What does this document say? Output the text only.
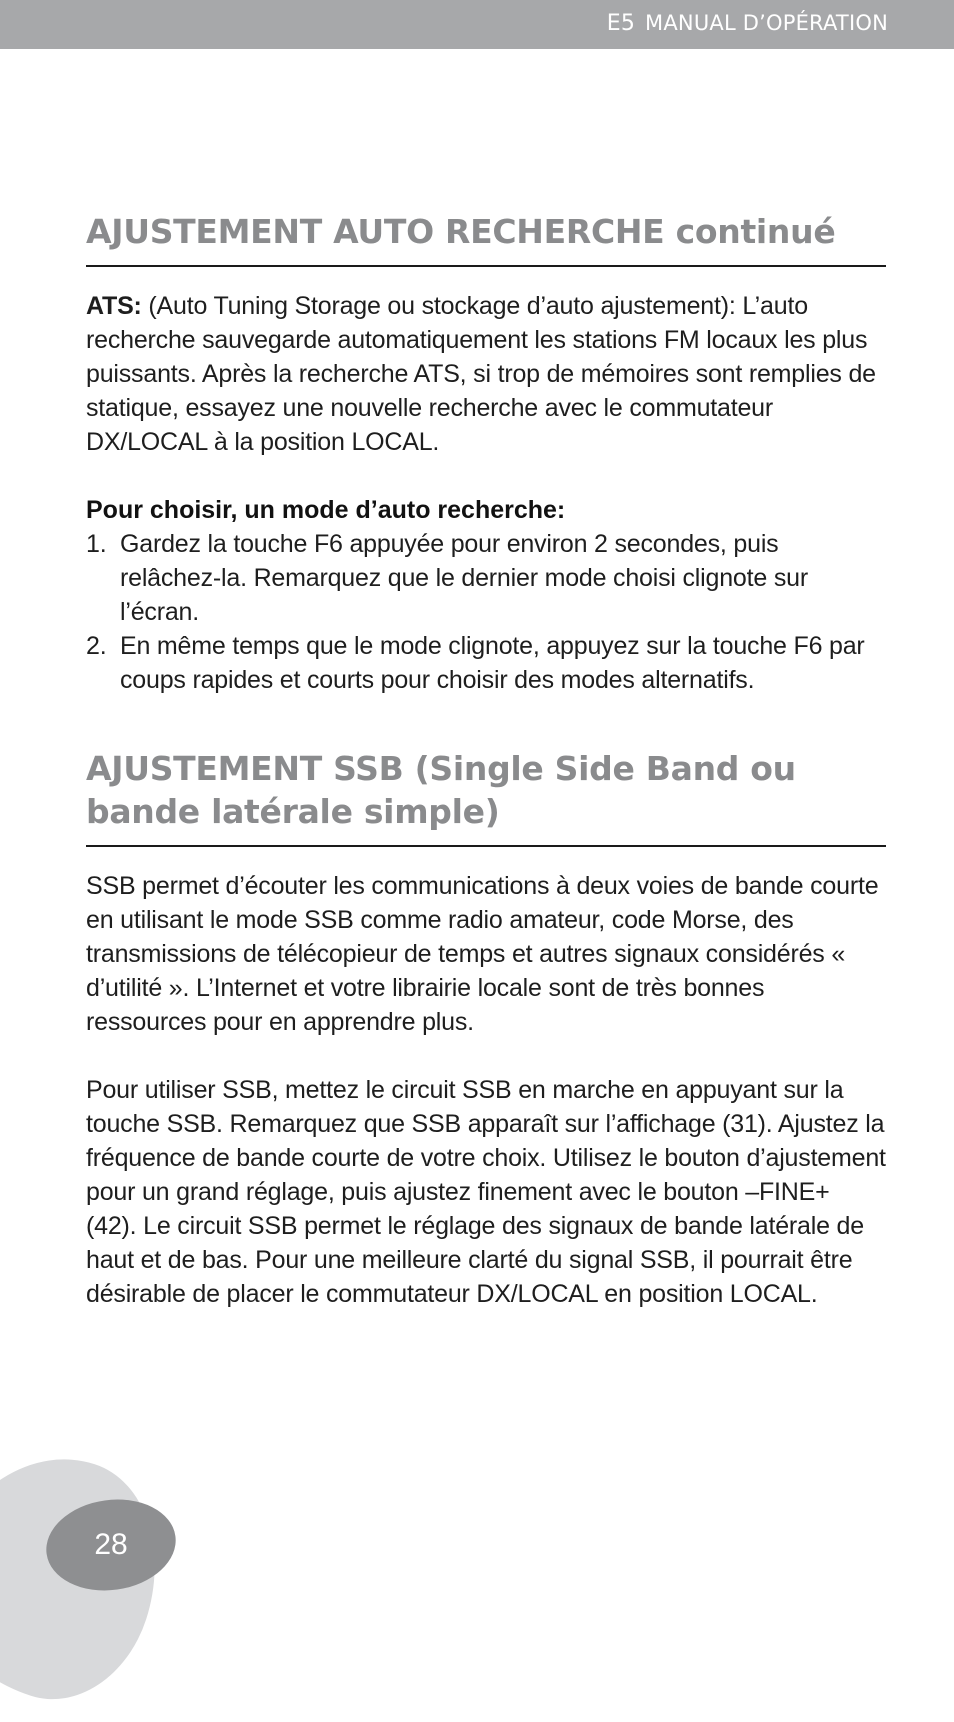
E5 MANUAL D’OPÉRATION
AJUSTEMENT AUTO RECHERCHE continué

ATS: (Auto Tuning Storage ou stockage d’auto ajustement): L’auto recherche sauvegarde automatiquement les stations FM locaux les plus puissants. Après la recherche ATS, si trop de mémoires sont remplies de statique, essayez une nouvelle recherche avec le commutateur DX/LOCAL à la position LOCAL.

Pour choisir, un mode d’auto recherche:

1. Gardez la touche F6 appuyée pour environ 2 secondes, puis relâchez-la. Remarquez que le dernier mode choisi clignote sur l’écran.
2. En même temps que le mode clignote, appuyez sur la touche F6 par coups rapides et courts pour choisir des modes alternatifs.
AJUSTEMENT SSB (Single Side Band ou bande latérale simple)

SSB permet d’écouter les communications à deux voies de bande courte en utilisant le mode SSB comme radio amateur, code Morse, des transmissions de télécopieur de temps et autres signaux considérés « d’utilité ». L’Internet et votre librairie locale sont de très bonnes ressources pour en apprendre plus.

Pour utiliser SSB, mettez le circuit SSB en marche en appuyant sur la touche SSB. Remarquez que SSB apparaît sur l’affichage (31). Ajustez la fréquence de bande courte de votre choix. Utilisez le bouton d’ajustement pour un grand réglage, puis ajustez finement avec le bouton –FINE+ (42). Le circuit SSB permet le réglage des signaux de bande latérale de haut et de bas. Pour une meilleure clarté du signal SSB, il pourrait être désirable de placer le commutateur DX/LOCAL en position LOCAL.

28
